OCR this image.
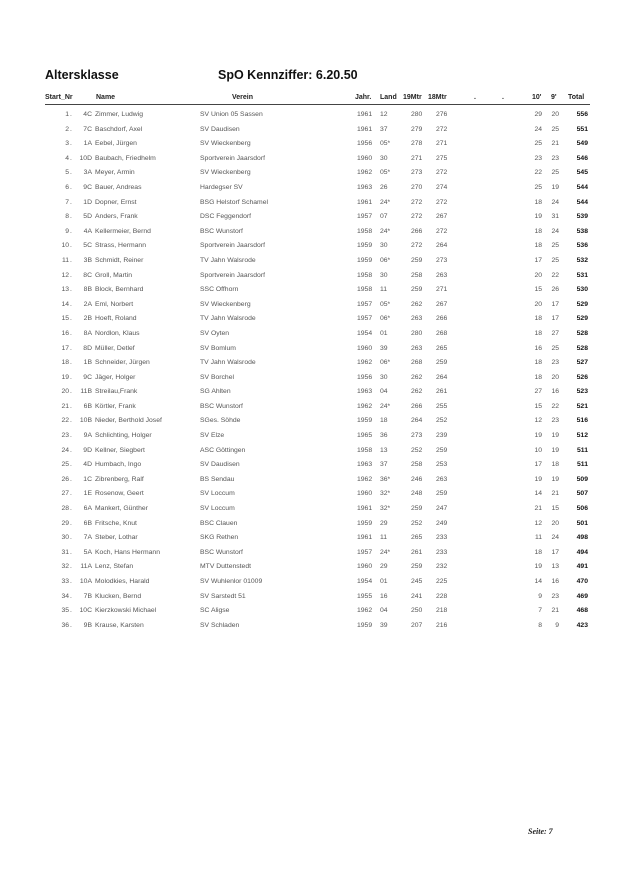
Altersklasse	SpO Kennziffer: 6.20.50
Start_Nr	Name	Verein	Jahr. Land 19Mtr 18Mtr	.	.	10' 9' Total
1 .	4C Zimmer, Ludwig	SV Union 05 Sassen	1961 12	280 276	29	20	556
2 .	7C Baschdorf, Axel	SV Daudisen	1961 37	279 272	24	25	551
3 .	1A Eebel, Jürgen	SV Wieckenberg	1956 05*	278 271	25	21	549
4 .	10D Baubach, Friedhelm	Sportverein Jaarsdorf	1960 30	271 275	23	23	546
5 .	3A Meyer, Armin	SV Wieckenberg	1962 05*	273 272	22	25	545
6 .	9C Bauer, Andreas	Hardegser SV	1963 26	270 274	25	19	544
7 .	1D Dopner, Ernst	BSG Helstorf Schamel	1961 24*	272 272	18	24	544
8 .	5D Anders, Frank	DSC Feggendorf	1957 07	272 267	19	31	539
9 .	4A Kellermeier, Bernd	BSC Wunstorf	1958 24*	266 272	18	24	538
10 .	5C Strass, Hermann	Sportverein Jaarsdorf	1959 30	272 264	18	25	536
11 .	3B Schmidt, Reiner	TV Jahn Walsrode	1959 06*	259 273	17	25	532
12 .	8C Groll, Martin	Sportverein Jaarsdorf	1958 30	258 263	20	22	531
13 .	8B Block, Bernhard	SSC Offhorn	1958 11	259 271	15	26	530
14 .	2A Eml, Norbert	SV Wieckenberg	1957 05*	262 267	20	17	529
15 .	2B Hoeft, Roland	TV Jahn Walsrode	1957 06*	263 266	18	17	529
16 .	8A Nordlon, Klaus	SV Oyten	1954 01	280 268	18	27	528
17 .	8D Müller, Detlef	SV Bomlum	1960 39	263 265	16	25	528
18 .	1B Schneider, Jürgen	TV Jahn Walsrode	1962 06*	268 259	18	23	527
19 .	9C Jäger, Holger	SV Borchel	1956 30	262 264	18	20	526
20 .	11B Streilau,Frank	SG Ahlten	1963 04	262 261	27	16	523
21 .	6B Körtler, Frank	BSC Wunstorf	1962 24*	266 255	15	22	521
22 .	10B Nieder, Berthold Josef	SGes. Söhde	1959 18	264 252	12	23	516
23 .	9A Schlichting, Holger	SV Elze	1965 36	273 239	19	19	512
24 .	9D Kellner, Siegbert	ASC Göttingen	1958 13	252 259	10	19	511
25 .	4D Humbach, Ingo	SV Daudisen	1963 37	258 253	17	18	511
26 .	1C Zibrenberg, Ralf	BS Sendau	1962 36*	246 263	19	19	509
27 .	1E Rosenow, Geert	SV Loccum	1960 32*	248 259	14	21	507
28 .	6A Mankert, Günther	SV Loccum	1961 32*	259 247	21	15	506
29 .	6B Fritsche, Knut	BSC Clauen	1959 29	252 249	12	20	501
30 .	7A Steber, Lothar	SKG Rethen	1961 11	265 233	11	24	498
31 .	5A Koch, Hans Hermann	BSC Wunstorf	1957 24*	261 233	18	17	494
32 .	11A Lenz, Stefan	MTV Duttenstedt	1960 29	259 232	19	13	491
33 .	10A Molodkies, Harald	SV Wuhlenlor 01009	1954 01	245 225	14	16	470
34 .	7B Klucken, Bernd	SV Sarstedt 51	1955 16	241 228	9	23	469
35 .	10C Kierzkowski Michael	SC Aligse	1962 04	250 218	7	21	468
36 .	9B Krause, Karsten	SV Schladen	1959 39	207 216	8	9	423
Seite: 7
